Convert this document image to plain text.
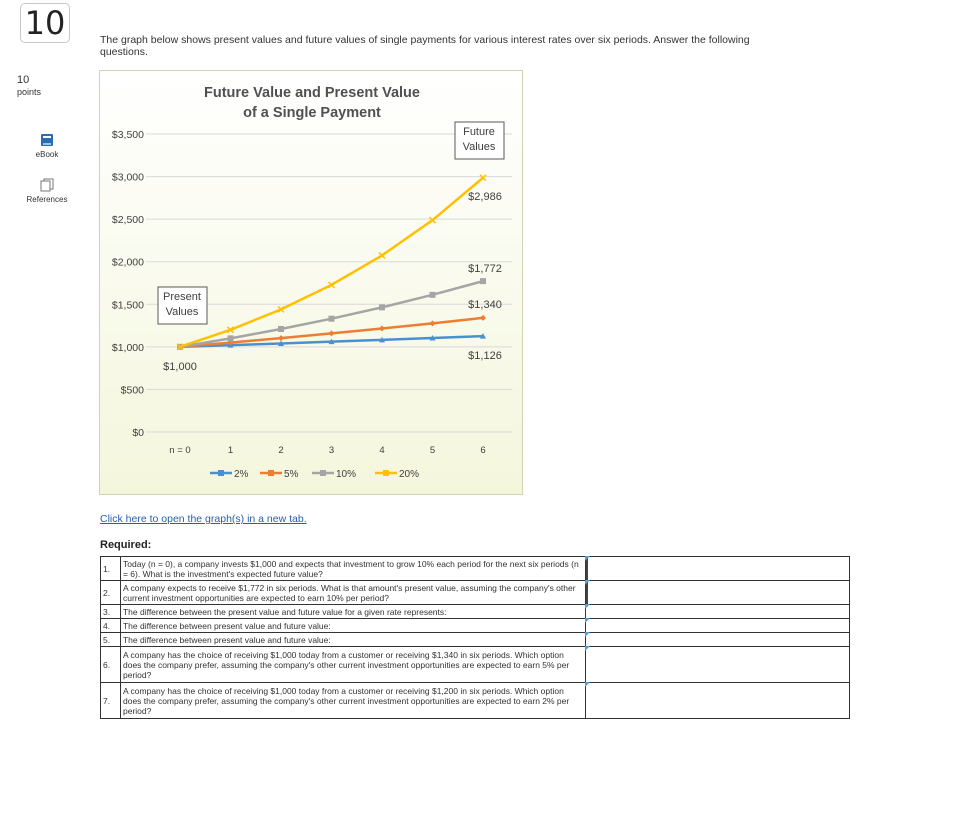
10
10
points
eBook
References
The graph below shows present values and future values of single payments for various interest rates over six periods. Answer the following questions.
Future Value and Present Value
of a Single Payment
$0
$500
$1,000
$1,500
$2,000
$2,500
$3,000
$3,500
n = 0	1	2	3	4	5	6
Future
Values
Present
Values
$1,000
$2,986
$1,772
$1,340
$1,126
2%	5%	10%	20%
Click here to open the graph(s) in a new tab.
Required:
1.	Today (n = 0), a company invests $1,000 and expects that investment to grow 10% each period for the next six periods (n = 6). What is the investment's expected future value?	

2.	A company expects to receive $1,772 in six periods. What is that amount's present value, assuming the company's other current investment opportunities are expected to earn 10% per period?	

3.	The difference between the present value and future value for a given rate represents:	

4.	The difference between present value and future value:	

5.	The difference between present value and future value:	

6.	A company has the choice of receiving $1,000 today from a customer or receiving $1,340 in six periods. Which option does the company prefer, assuming the company's other current investment opportunities are expected to earn 5% per period?	

7.	A company has the choice of receiving $1,000 today from a customer or receiving $1,200 in six periods. Which option does the company prefer, assuming the company's other current investment opportunities are expected to earn 2% per period?	
